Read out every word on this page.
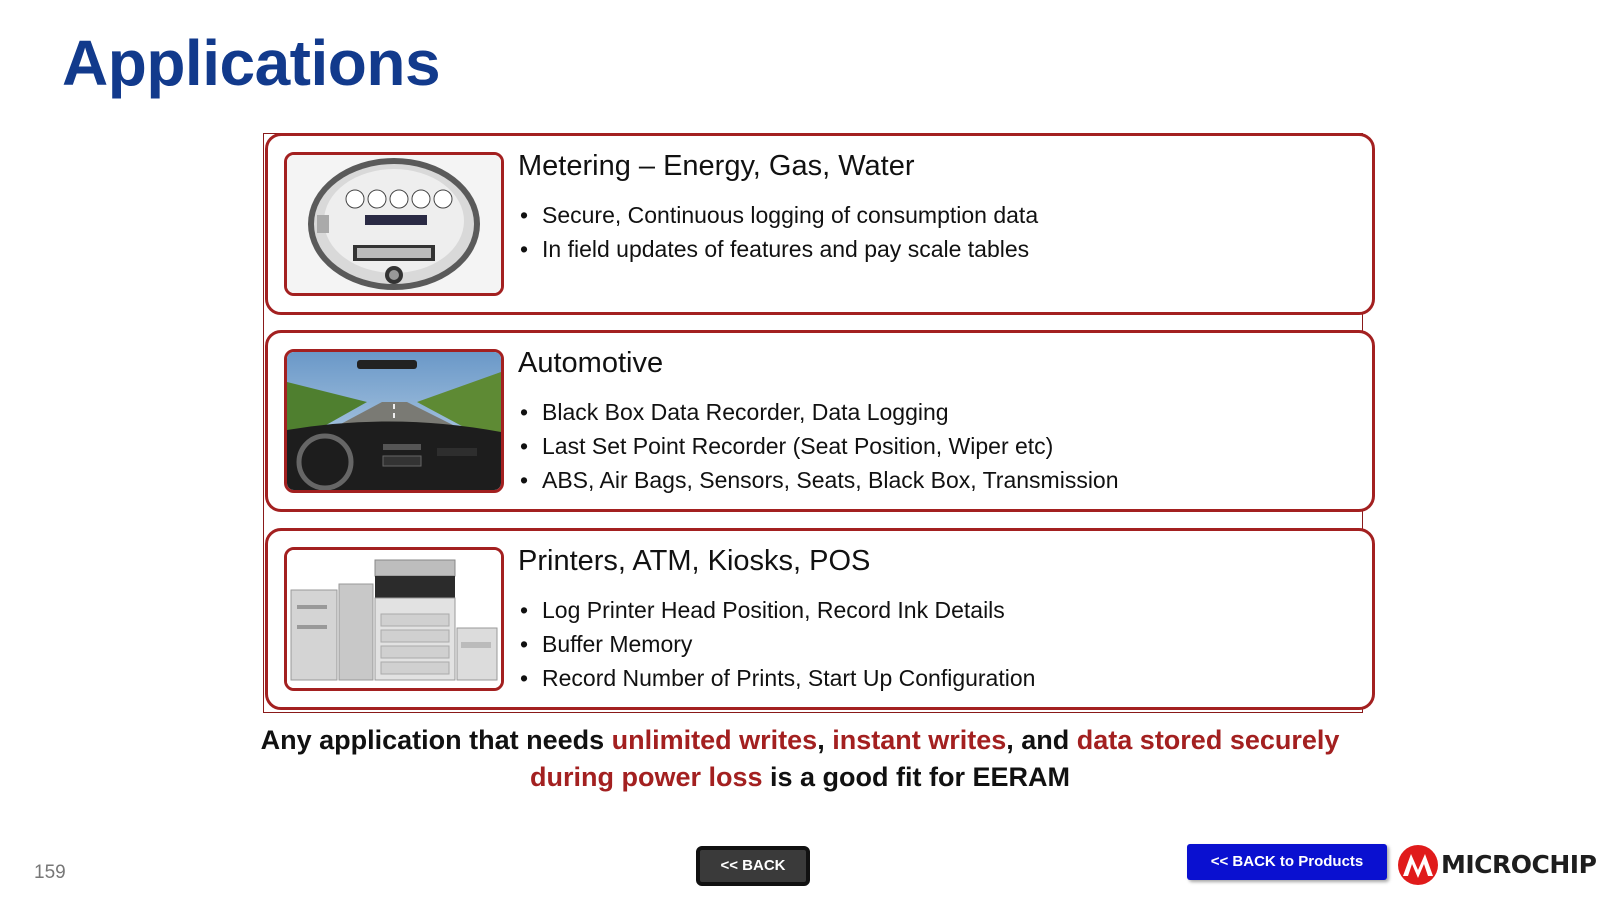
Applications
Metering – Energy, Gas, Water
• Secure, Continuous logging of consumption data
• In field updates of features and pay scale tables
Automotive
• Black Box Data Recorder, Data Logging
• Last Set Point Recorder (Seat Position, Wiper etc)
• ABS, Air Bags, Sensors, Seats, Black Box, Transmission
Printers, ATM, Kiosks, POS
• Log Printer Head Position, Record Ink Details
• Buffer Memory
• Record Number of Prints, Start Up Configuration
Any application that needs unlimited writes, instant writes, and data stored securely during power loss is a good fit for EERAM
159	<< BACK	<< BACK to Products	MICROCHIP
